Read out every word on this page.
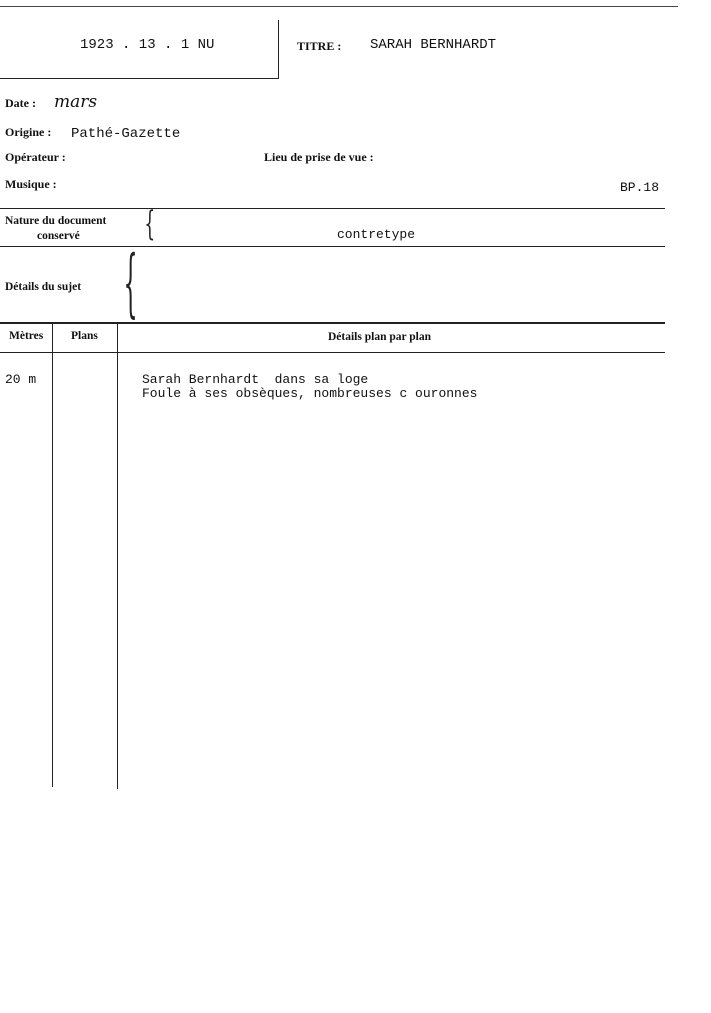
1923 . 13 . 1 NU	TITRE : SARAH BERNHARDT
Date : mars
Origine : Pathé-Gazette
Opérateur :	Lieu de prise de vue :
Musique :	BP.18
Nature du document
conservé {	contretype
Détails du sujet {
Mètres Plans	Détails plan par plan
20 m	Sarah Bernhardt  dans sa loge
Foule à ses obsèques, nombreuses c ouronnes
